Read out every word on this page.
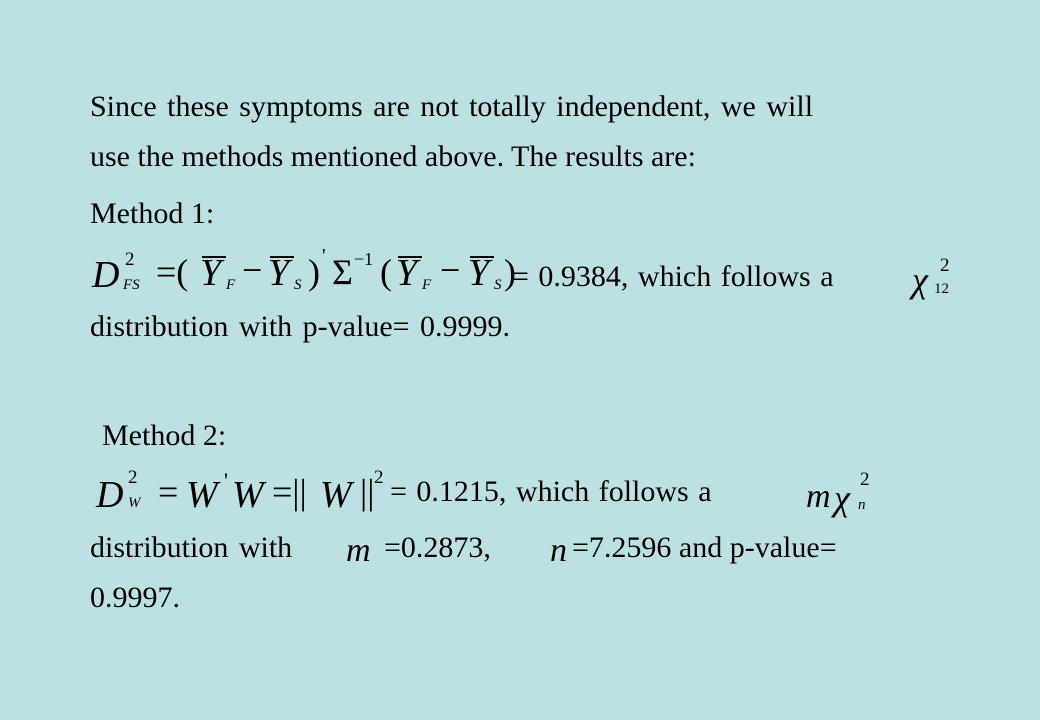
Since these symptoms are not totally independent, we will
use the methods mentioned above. The results are:
Method 1:
D 2
FS =( Y F − Y S ) ' Σ −1 ( Y F − Y S )
= 0.9384, which follows a χ 2
12
distribution with p-value= 0.9999.
Method 2:
D 2
W = W ' W =|| W || 2 = 0.1215, which follows a	m χ 2
n
distribution with m =0.2873, n =7.2596 and p-value=
0.9997.
